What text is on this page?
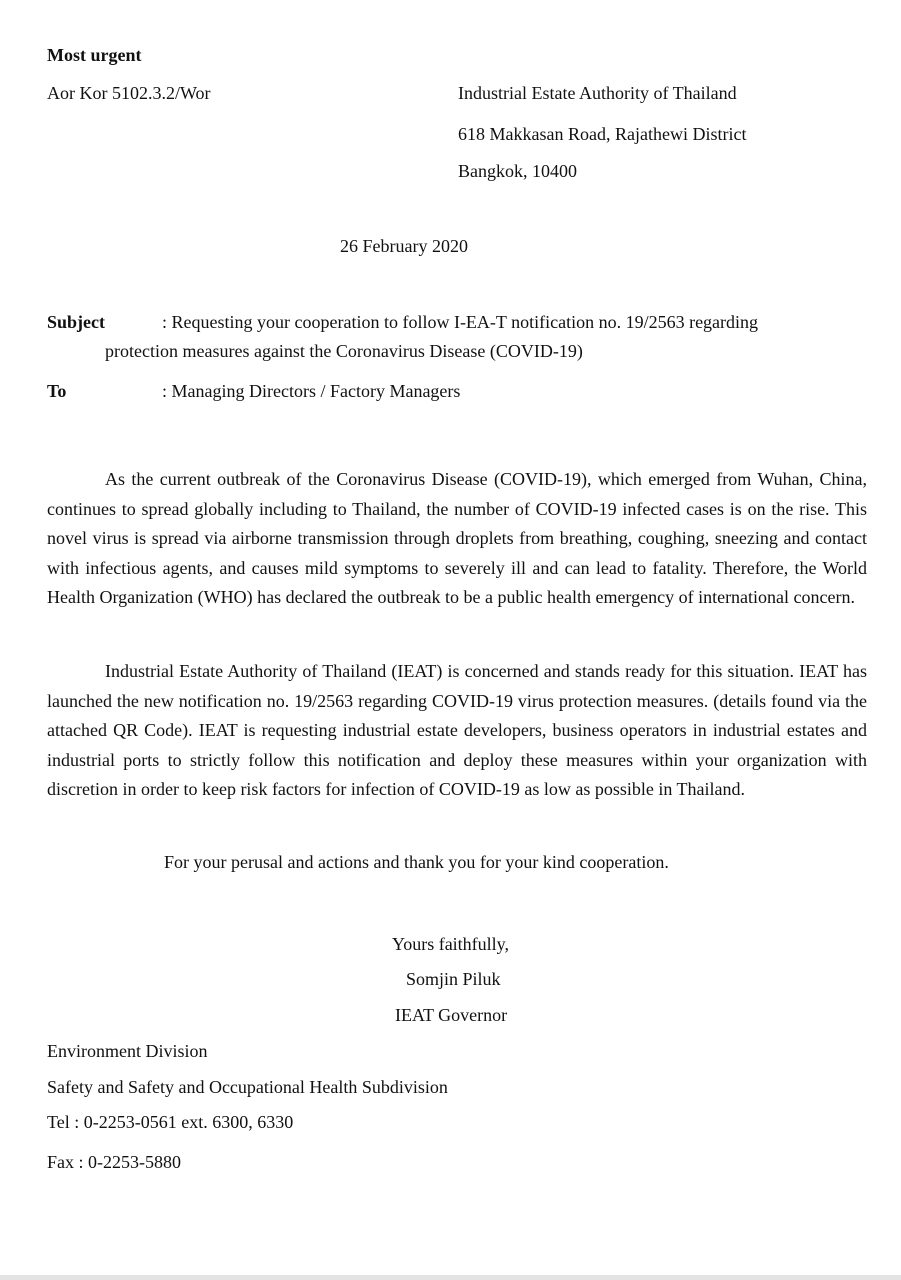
Most urgent
Aor Kor 5102.3.2/Wor	Industrial Estate Authority of Thailand
618 Makkasan Road, Rajathewi District
Bangkok, 10400
26 February 2020
Subject	: Requesting your cooperation to follow I-EA-T notification no. 19/2563 regarding
protection measures against the Coronavirus Disease (COVID-19)
To	: Managing Directors / Factory Managers
As the current outbreak of the Coronavirus Disease (COVID-19), which emerged from Wuhan, China, continues to spread globally including to Thailand, the number of COVID-19 infected cases is on the rise. This novel virus is spread via airborne transmission through droplets from breathing, coughing, sneezing and contact with infectious agents, and causes mild symptoms to severely ill and can lead to fatality. Therefore, the World Health Organization (WHO) has declared the outbreak to be a public health emergency of international concern.
Industrial Estate Authority of Thailand (IEAT) is concerned and stands ready for this situation. IEAT has launched the new notification no. 19/2563 regarding COVID-19 virus protection measures. (details found via the attached QR Code). IEAT is requesting industrial estate developers, business operators in industrial estates and industrial ports to strictly follow this notification and deploy these measures within your organization with discretion in order to keep risk factors for infection of COVID-19 as low as possible in Thailand.
For your perusal and actions and thank you for your kind cooperation.
Yours faithfully,
Somjin Piluk
IEAT Governor
Environment Division
Safety and Safety and Occupational Health Subdivision
Tel : 0-2253-0561 ext. 6300, 6330
Fax : 0-2253-5880
